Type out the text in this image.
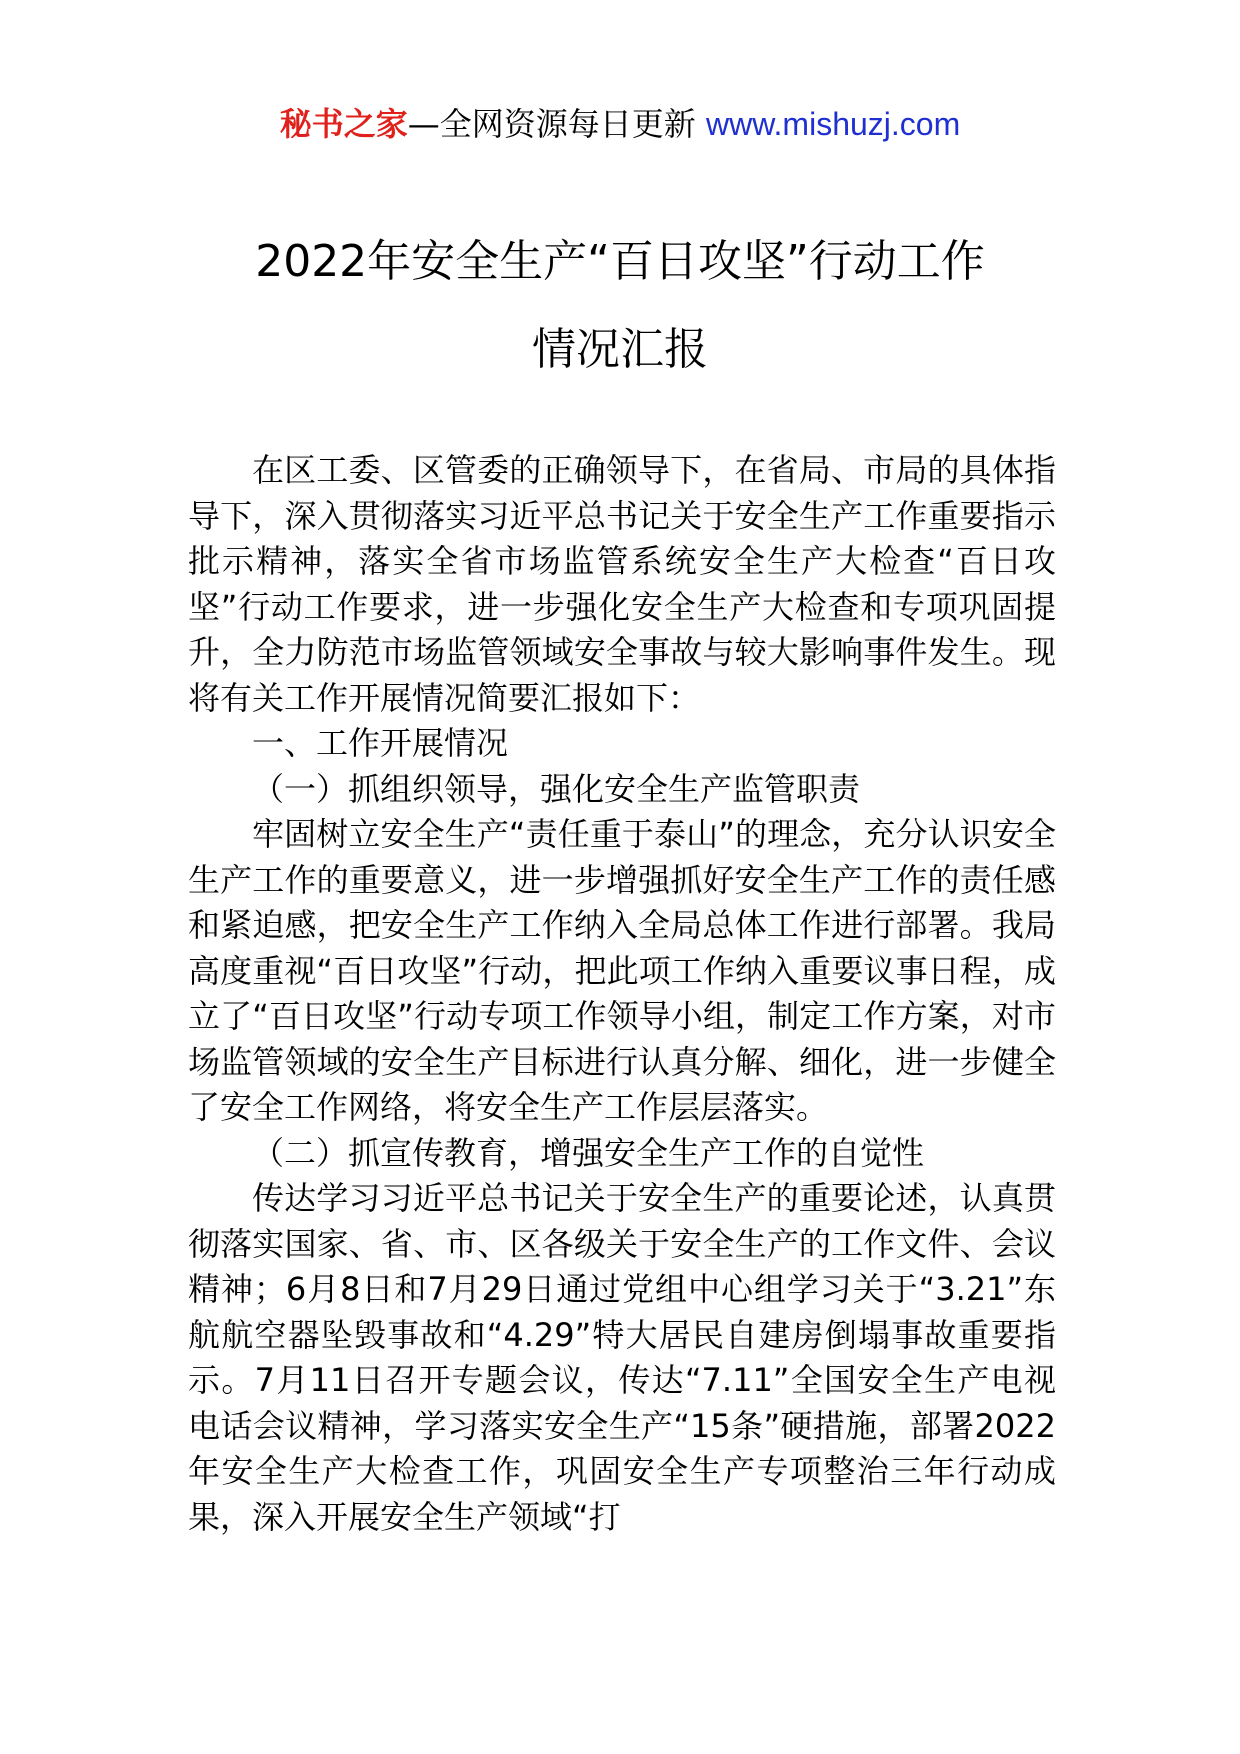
秘书之家—全网资源每日更新 www.mishuzj.com
2022年安全生产“百日攻坚”行动工作
情况汇报

在区工委、区管委的正确领导下，在省局、市局的具体指导下，深入贯彻落实习近平总书记关于安全生产工作重要指示批示精神，落实全省市场监管系统安全生产大检查“百日攻坚”行动工作要求，进一步强化安全生产大检查和专项巩固提升，全力防范市场监管领域安全事故与较大影响事件发生。现将有关工作开展情况简要汇报如下：

一、工作开展情况

（一）抓组织领导，强化安全生产监管职责

牢固树立安全生产“责任重于泰山”的理念，充分认识安全生产工作的重要意义，进一步增强抓好安全生产工作的责任感和紧迫感，把安全生产工作纳入全局总体工作进行部署。我局高度重视“百日攻坚”行动，把此项工作纳入重要议事日程，成立了“百日攻坚”行动专项工作领导小组，制定工作方案，对市场监管领域的安全生产目标进行认真分解、细化，进一步健全了安全工作网络，将安全生产工作层层落实。

（二）抓宣传教育，增强安全生产工作的自觉性

传达学习习近平总书记关于安全生产的重要论述，认真贯彻落实国家、省、市、区各级关于安全生产的工作文件、会议精神；6月8日和7月29日通过党组中心组学习关于“3.21”东航航空器坠毁事故和“4.29”特大居民自建房倒塌事故重要指示。7月11日召开专题会议，传达“7.11”全国安全生产电视电话会议精神，学习落实安全生产“15条”硬措施，部署2022年安全生产大检查工作，巩固安全生产专项整治三年行动成果，深入开展安全生产领域“打
